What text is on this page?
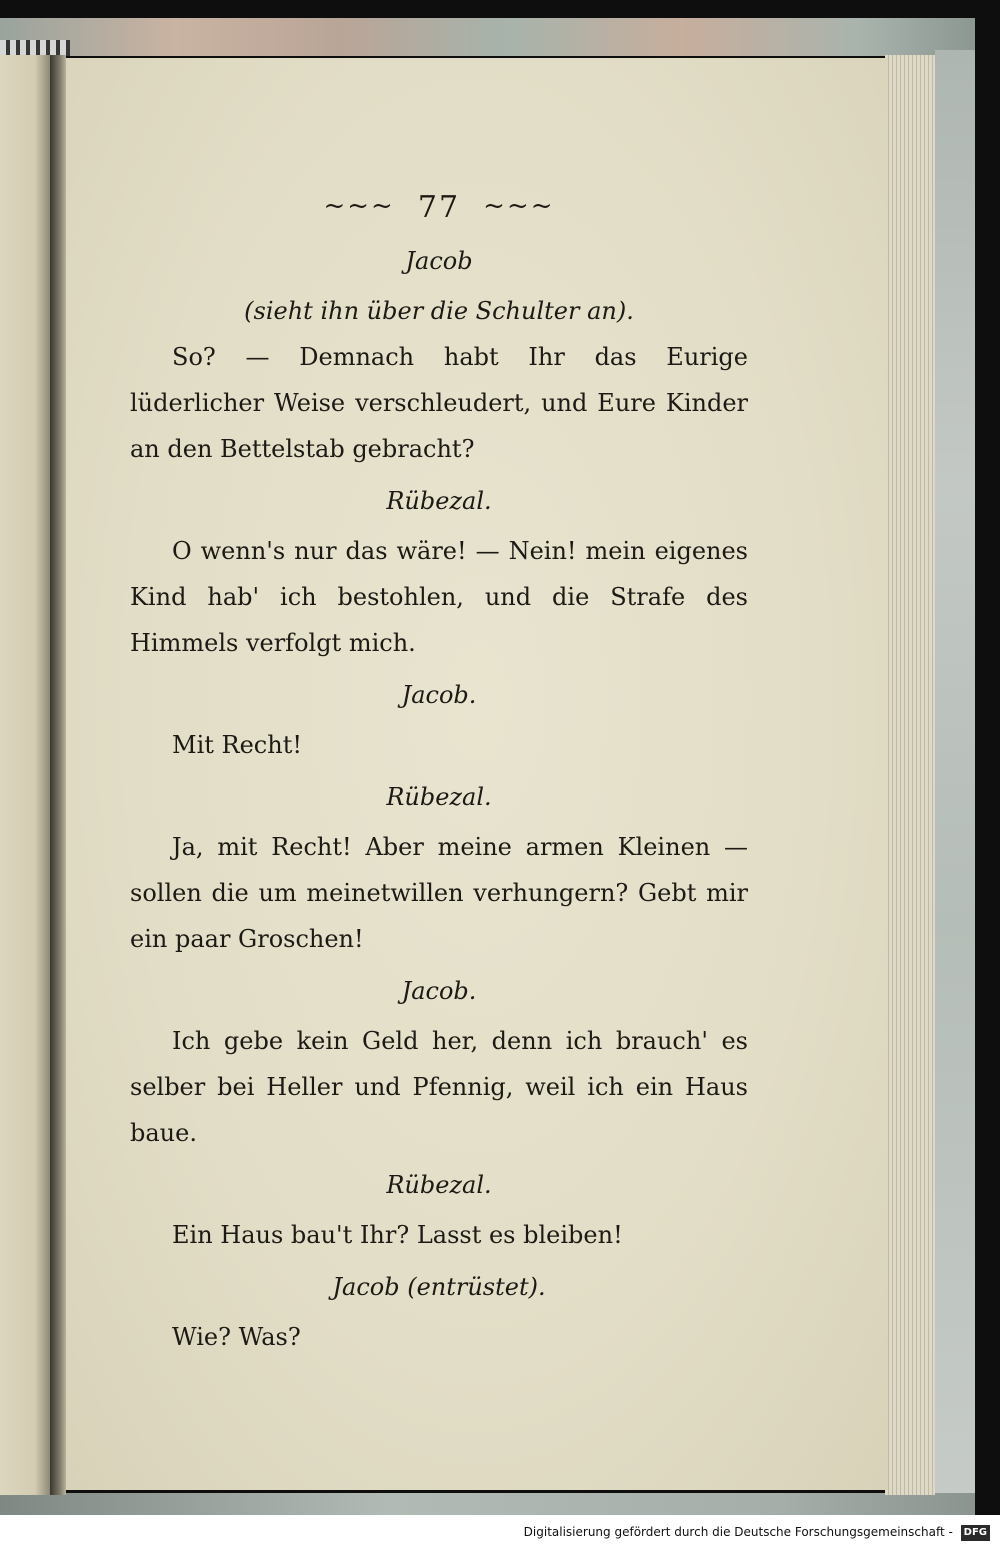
~~~ 77 ~~~
Jacob
(sieht ihn über die Schulter an).

So? — Demnach habt Ihr das Eurige lüderlicher Weise verschleudert, und Eure Kinder an den Bettelstab gebracht?

Rübezal.

O wenn's nur das wäre! — Nein! mein eigenes Kind hab' ich bestohlen, und die Strafe des Himmels verfolgt mich.

Jacob.

Mit Recht!

Rübezal.

Ja, mit Recht! Aber meine armen Kleinen — sollen die um meinetwillen verhungern? Gebt mir ein paar Groschen!

Jacob.

Ich gebe kein Geld her, denn ich brauch' es selber bei Heller und Pfennig, weil ich ein Haus baue.

Rübezal.

Ein Haus bau't Ihr? Lasst es bleiben!

Jacob (entrüstet).

Wie? Was?

Digitalisierung gefördert durch die Deutsche Forschungsgemeinschaft - DFG
